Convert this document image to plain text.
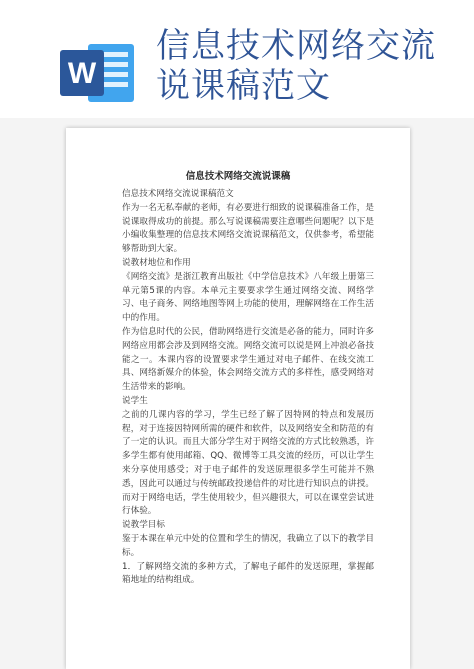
W
信息技术网络交流
说课稿范文
信息技术网络交流说课稿

信息技术网络交流说课稿范文

作为一名无私奉献的老师，有必要进行细致的说课稿准备工作，是说课取得成功的前提。那么写说课稿需要注意哪些问题呢？以下是小编收集整理的信息技术网络交流说课稿范文，仅供参考，希望能够帮助到大家。

说教材地位和作用

《网络交流》是浙江教育出版社《中学信息技术》八年级上册第三单元第5课的内容。本单元主要要求学生通过网络交流、网络学习、电子商务、网络地图等网上功能的使用，理解网络在工作生活中的作用。

作为信息时代的公民，借助网络进行交流是必备的能力，同时许多网络应用都会涉及到网络交流。网络交流可以说是网上冲浪必备技能之一。本课内容的设置要求学生通过对电子邮件、在线交流工具、网络新媒介的体验，体会网络交流方式的多样性，感受网络对生活带来的影响。

说学生

之前的几课内容的学习，学生已经了解了因特网的特点和发展历程，对于连接因特网所需的硬件和软件，以及网络安全和防范的有了一定的认识。而且大部分学生对于网络交流的方式比较熟悉，许多学生都有使用邮箱、QQ、微博等工具交流的经历，可以让学生来分享使用感受；对于电子邮件的发送原理很多学生可能并不熟悉，因此可以通过与传统邮政投递信件的对比进行知识点的讲授。而对于网络电话，学生使用较少，但兴趣很大，可以在课堂尝试进行体验。

说教学目标

鉴于本课在单元中处的位置和学生的情况，我确立了以下的教学目标。

1．了解网络交流的多种方式，了解电子邮件的发送原理，掌握邮箱地址的结构组成。
